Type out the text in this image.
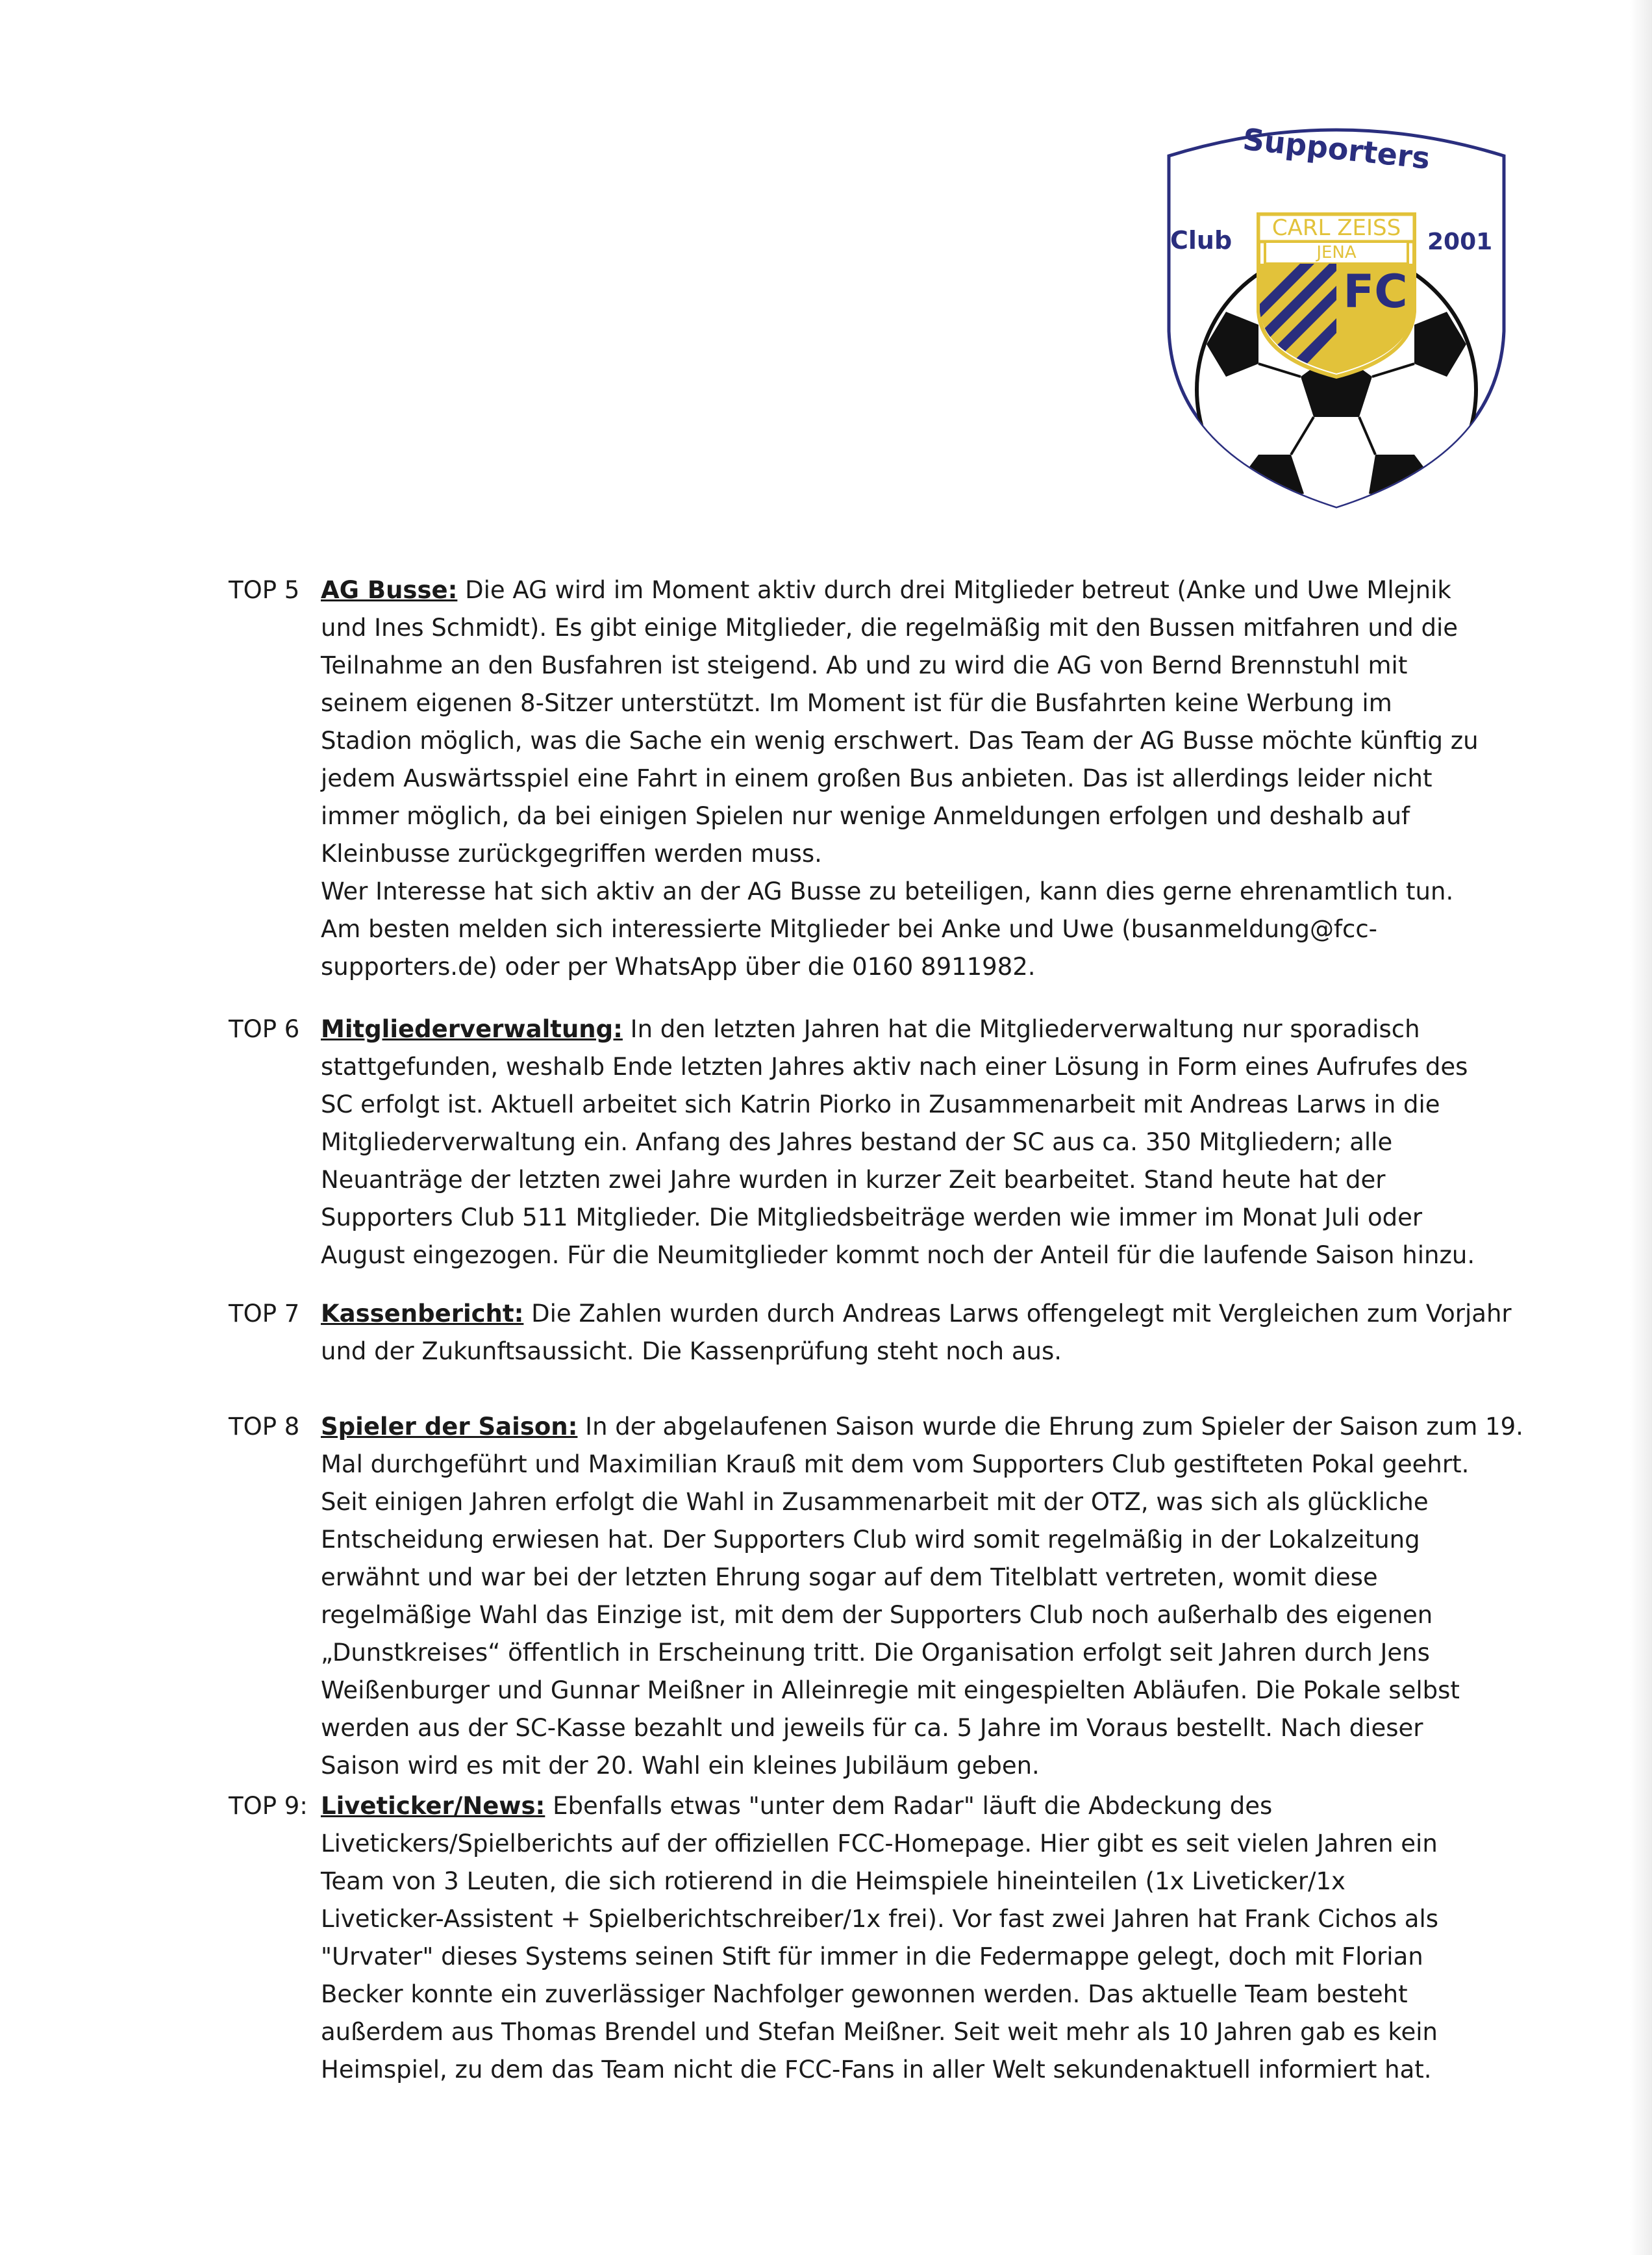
Supporters
CARL ZEISS
JENA
Club	2001
FC
TOP 5 AG Busse: Die AG wird im Moment aktiv durch drei Mitglieder betreut (Anke und Uwe Mlejnik
und Ines Schmidt). Es gibt einige Mitglieder, die regelmäßig mit den Bussen mitfahren und die
Teilnahme an den Busfahren ist steigend. Ab und zu wird die AG von Bernd Brennstuhl mit
seinem eigenen 8-Sitzer unterstützt. Im Moment ist für die Busfahrten keine Werbung im
Stadion möglich, was die Sache ein wenig erschwert. Das Team der AG Busse möchte künftig zu
jedem Auswärtsspiel eine Fahrt in einem großen Bus anbieten. Das ist allerdings leider nicht
immer möglich, da bei einigen Spielen nur wenige Anmeldungen erfolgen und deshalb auf
Kleinbusse zurückgegriffen werden muss.
Wer Interesse hat sich aktiv an der AG Busse zu beteiligen, kann dies gerne ehrenamtlich tun.
Am besten melden sich interessierte Mitglieder bei Anke und Uwe (busanmeldung@fcc-
supporters.de) oder per WhatsApp über die 0160 8911982.
TOP 6 Mitgliederverwaltung: In den letzten Jahren hat die Mitgliederverwaltung nur sporadisch
stattgefunden, weshalb Ende letzten Jahres aktiv nach einer Lösung in Form eines Aufrufes des
SC erfolgt ist. Aktuell arbeitet sich Katrin Piorko in Zusammenarbeit mit Andreas Larws in die
Mitgliederverwaltung ein. Anfang des Jahres bestand der SC aus ca. 350 Mitgliedern; alle
Neuanträge der letzten zwei Jahre wurden in kurzer Zeit bearbeitet. Stand heute hat der
Supporters Club 511 Mitglieder. Die Mitgliedsbeiträge werden wie immer im Monat Juli oder
August eingezogen. Für die Neumitglieder kommt noch der Anteil für die laufende Saison hinzu.
TOP 7 Kassenbericht: Die Zahlen wurden durch Andreas Larws offengelegt mit Vergleichen zum Vorjahr
und der Zukunftsaussicht. Die Kassenprüfung steht noch aus.
TOP 8 Spieler der Saison: In der abgelaufenen Saison wurde die Ehrung zum Spieler der Saison zum 19.
Mal durchgeführt und Maximilian Krauß mit dem vom Supporters Club gestifteten Pokal geehrt.
Seit einigen Jahren erfolgt die Wahl in Zusammenarbeit mit der OTZ, was sich als glückliche
Entscheidung erwiesen hat. Der Supporters Club wird somit regelmäßig in der Lokalzeitung
erwähnt und war bei der letzten Ehrung sogar auf dem Titelblatt vertreten, womit diese
regelmäßige Wahl das Einzige ist, mit dem der Supporters Club noch außerhalb des eigenen
„Dunstkreises“ öffentlich in Erscheinung tritt. Die Organisation erfolgt seit Jahren durch Jens
Weißenburger und Gunnar Meißner in Alleinregie mit eingespielten Abläufen. Die Pokale selbst
werden aus der SC-Kasse bezahlt und jeweils für ca. 5 Jahre im Voraus bestellt. Nach dieser
Saison wird es mit der 20. Wahl ein kleines Jubiläum geben.
TOP 9: Liveticker/News: Ebenfalls etwas "unter dem Radar" läuft die Abdeckung des
Livetickers/Spielberichts auf der offiziellen FCC-Homepage. Hier gibt es seit vielen Jahren ein
Team von 3 Leuten, die sich rotierend in die Heimspiele hineinteilen (1x Liveticker/1x
Liveticker-Assistent + Spielberichtschreiber/1x frei). Vor fast zwei Jahren hat Frank Cichos als
"Urvater" dieses Systems seinen Stift für immer in die Federmappe gelegt, doch mit Florian
Becker konnte ein zuverlässiger Nachfolger gewonnen werden. Das aktuelle Team besteht
außerdem aus Thomas Brendel und Stefan Meißner. Seit weit mehr als 10 Jahren gab es kein
Heimspiel, zu dem das Team nicht die FCC-Fans in aller Welt sekundenaktuell informiert hat.
